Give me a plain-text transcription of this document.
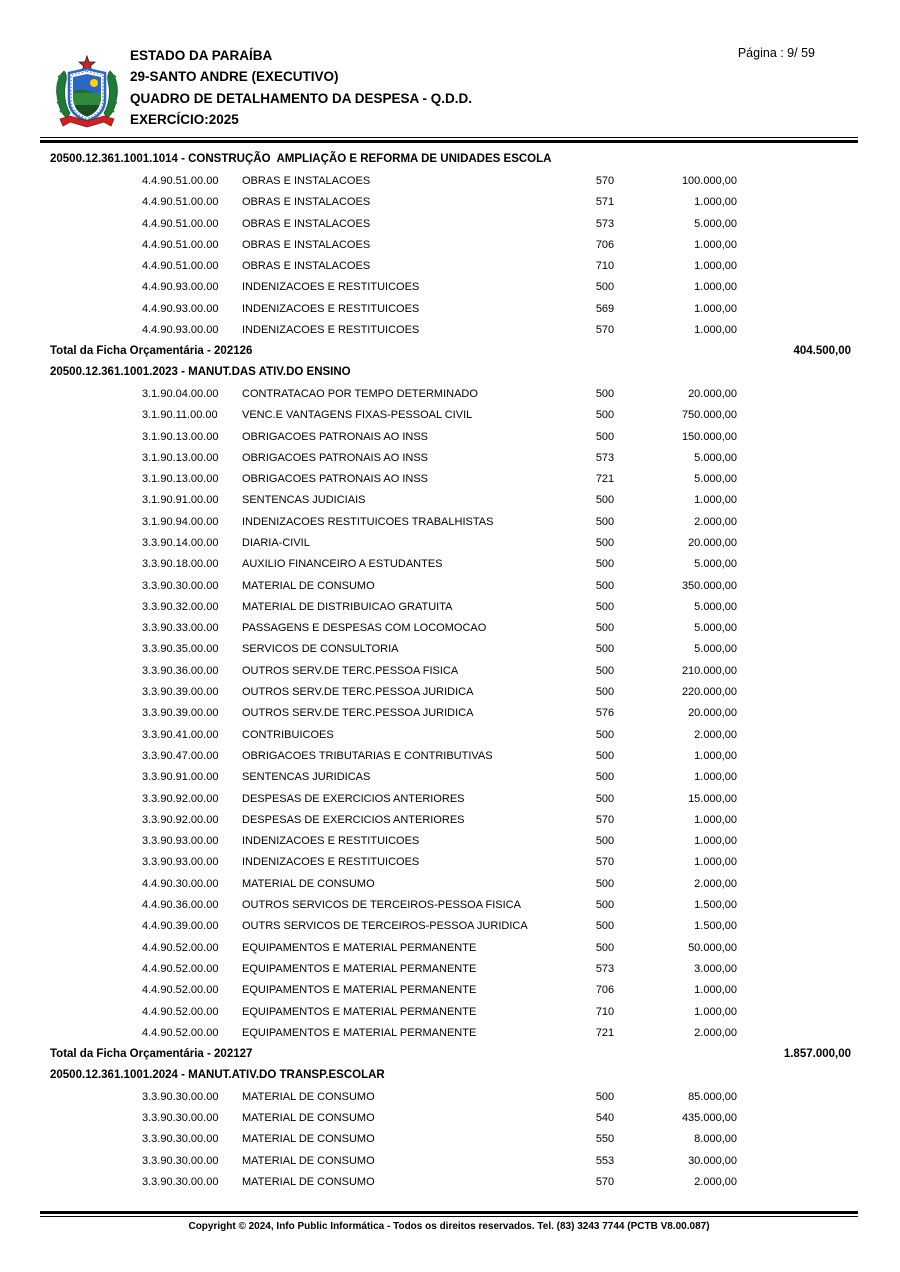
ESTADO DA PARAÍBA
29-SANTO ANDRE (EXECUTIVO)
QUADRO DE DETALHAMENTO DA DESPESA - Q.D.D.
EXERCÍCIO:2025
Página : 9/ 59
20500.12.361.1001.1014 - CONSTRUÇÃO  AMPLIAÇÃO E REFORMA DE UNIDADES ESCOLA
4.4.90.51.00.00	OBRAS E INSTALACOES	570	100.000,00
4.4.90.51.00.00	OBRAS E INSTALACOES	571	1.000,00
4.4.90.51.00.00	OBRAS E INSTALACOES	573	5.000,00
4.4.90.51.00.00	OBRAS E INSTALACOES	706	1.000,00
4.4.90.51.00.00	OBRAS E INSTALACOES	710	1.000,00
4.4.90.93.00.00	INDENIZACOES E RESTITUICOES	500	1.000,00
4.4.90.93.00.00	INDENIZACOES E RESTITUICOES	569	1.000,00
4.4.90.93.00.00	INDENIZACOES E RESTITUICOES	570	1.000,00
Total da Ficha Orçamentária - 202126	404.500,00
20500.12.361.1001.2023 - MANUT.DAS ATIV.DO ENSINO
3.1.90.04.00.00	CONTRATACAO POR TEMPO DETERMINADO	500	20.000,00
3.1.90.11.00.00	VENC.E VANTAGENS FIXAS-PESSOAL CIVIL	500	750.000,00
3.1.90.13.00.00	OBRIGACOES PATRONAIS AO INSS	500	150.000,00
3.1.90.13.00.00	OBRIGACOES PATRONAIS AO INSS	573	5.000,00
3.1.90.13.00.00	OBRIGACOES PATRONAIS AO INSS	721	5.000,00
3.1.90.91.00.00	SENTENCAS JUDICIAIS	500	1.000,00
3.1.90.94.00.00	INDENIZACOES RESTITUICOES TRABALHISTAS	500	2.000,00
3.3.90.14.00.00	DIARIA-CIVIL	500	20.000,00
3.3.90.18.00.00	AUXILIO FINANCEIRO A ESTUDANTES	500	5.000,00
3.3.90.30.00.00	MATERIAL DE CONSUMO	500	350.000,00
3.3.90.32.00.00	MATERIAL DE DISTRIBUICAO GRATUITA	500	5.000,00
3.3.90.33.00.00	PASSAGENS E DESPESAS COM LOCOMOCAO	500	5.000,00
3.3.90.35.00.00	SERVICOS DE CONSULTORIA	500	5.000,00
3.3.90.36.00.00	OUTROS SERV.DE TERC.PESSOA FISICA	500	210.000,00
3.3.90.39.00.00	OUTROS SERV.DE TERC.PESSOA JURIDICA	500	220.000,00
3.3.90.39.00.00	OUTROS SERV.DE TERC.PESSOA JURIDICA	576	20.000,00
3.3.90.41.00.00	CONTRIBUICOES	500	2.000,00
3.3.90.47.00.00	OBRIGACOES TRIBUTARIAS E CONTRIBUTIVAS	500	1.000,00
3.3.90.91.00.00	SENTENCAS JURIDICAS	500	1.000,00
3.3.90.92.00.00	DESPESAS DE EXERCICIOS ANTERIORES	500	15.000,00
3.3.90.92.00.00	DESPESAS DE EXERCICIOS ANTERIORES	570	1.000,00
3.3.90.93.00.00	INDENIZACOES E RESTITUICOES	500	1.000,00
3.3.90.93.00.00	INDENIZACOES E RESTITUICOES	570	1.000,00
4.4.90.30.00.00	MATERIAL DE CONSUMO	500	2.000,00
4.4.90.36.00.00	OUTROS SERVICOS DE TERCEIROS-PESSOA FISICA	500	1.500,00
4.4.90.39.00.00	OUTRS SERVICOS DE TERCEIROS-PESSOA JURIDICA	500	1.500,00
4.4.90.52.00.00	EQUIPAMENTOS E MATERIAL PERMANENTE	500	50.000,00
4.4.90.52.00.00	EQUIPAMENTOS E MATERIAL PERMANENTE	573	3.000,00
4.4.90.52.00.00	EQUIPAMENTOS E MATERIAL PERMANENTE	706	1.000,00
4.4.90.52.00.00	EQUIPAMENTOS E MATERIAL PERMANENTE	710	1.000,00
4.4.90.52.00.00	EQUIPAMENTOS E MATERIAL PERMANENTE	721	2.000,00
Total da Ficha Orçamentária - 202127	1.857.000,00
20500.12.361.1001.2024 - MANUT.ATIV.DO TRANSP.ESCOLAR
3.3.90.30.00.00	MATERIAL DE CONSUMO	500	85.000,00
3.3.90.30.00.00	MATERIAL DE CONSUMO	540	435.000,00
3.3.90.30.00.00	MATERIAL DE CONSUMO	550	8.000,00
3.3.90.30.00.00	MATERIAL DE CONSUMO	553	30.000,00
3.3.90.30.00.00	MATERIAL DE CONSUMO	570	2.000,00
Copyright © 2024, Info Public Informática - Todos os direitos reservados. Tel. (83) 3243 7744 (PCTB V8.00.087)
